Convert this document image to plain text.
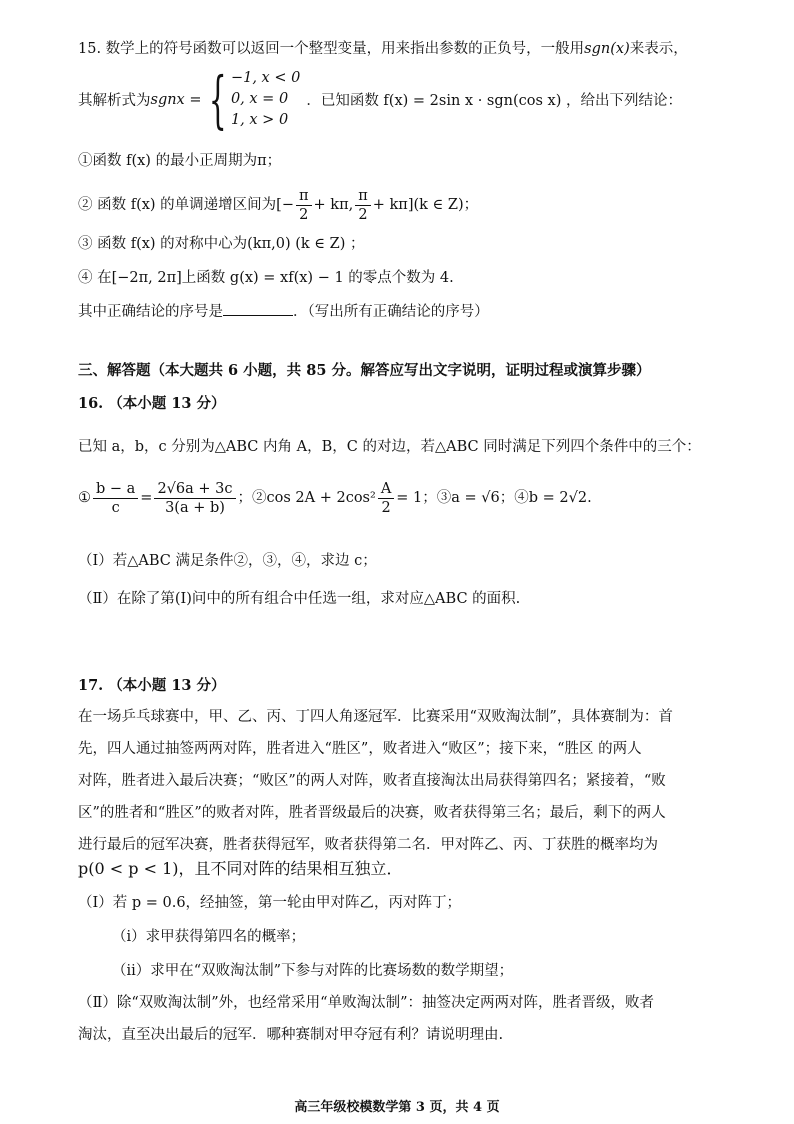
15. 数学上的符号函数可以返回一个整型变量，用来指出参数的正负号，一般用sgn(x)来表示，
其解析式为 sgnx = { −1, x < 0
0, x = 0
1, x > 0
．已知函数 f(x) = 2sin x · sgn(cos x) ，给出下列结论：
①函数 f(x) 的最小正周期为π；
② 函数 f(x) 的单调递增区间为[− $\frac{\pi}{2} + k\pi$, $\frac{\pi}{2} + k\pi](k$ ∈ Z)；
③ 函数 f(x) 的对称中心为(kπ,0) (k ∈ Z) ；
④ 在[−2π, 2π]上函数 g(x) = xf(x) − 1 的零点个数为 4.
其中正确结论的序号是	．（写出所有正确结论的序号）
三、解答题（本大题共 6 小题，共 85 分。解答应写出文字说明，证明过程或演算步骤）
16. （本小题 13 分）
已知 a，b，c 分别为△ABC 内角 A，B，C 的对边，若△ABC 同时满足下列四个条件中的三个：
① $\frac{b - a}{c} = \frac{2√6a + 3c}{3(a + b)}$ ；②cos $2A + 2\cos^2 \frac{A}{2} = 1$；③a = √6；④b = 2√2.
（Ⅰ）若△ABC 满足条件②，③，④，求边 c；
（Ⅱ）在除了第(Ⅰ)问中的所有组合中任选一组，求对应△ABC 的面积.
17. （本小题 13 分）
在一场乒乓球赛中，甲、乙、丙、丁四人角逐冠军．比赛采用“双败淘汰制”，具体赛制为：首
先，四人通过抽签两两对阵，胜者进入“胜区”，败者进入“败区”；接下来，“胜区 的两人
对阵，胜者进入最后决赛；“败区”的两人对阵，败者直接淘汰出局获得第四名；紧接着，“败
区”的胜者和“胜区”的败者对阵，胜者晋级最后的决赛，败者获得第三名；最后，剩下的两人
进行最后的冠军决赛，胜者获得冠军，败者获得第二名．甲对阵乙、丙、丁获胜的概率均为
p(0 < p < 1)，且不同对阵的结果相互独立．
（Ⅰ）若 p = 0.6，经抽签，第一轮由甲对阵乙，丙对阵丁；
（ⅰ）求甲获得第四名的概率；
（ⅱ）求甲在“双败淘汰制”下参与对阵的比赛场数的数学期望；
（Ⅱ）除“双败淘汰制”外，也经常采用“单败淘汰制”：抽签决定两两对阵，胜者晋级，败者
淘汰，直至决出最后的冠军．哪种赛制对甲夺冠有利？请说明理由.
高三年级校模数学第 3 页，共 4 页
